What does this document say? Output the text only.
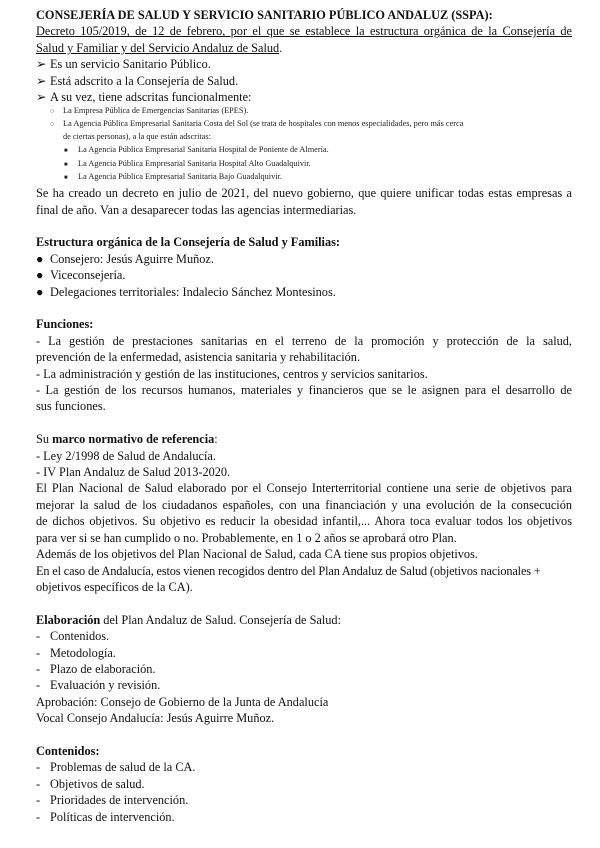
CONSEJERÍA DE SALUD Y SERVICIO SANITARIO PÚBLICO ANDALUZ (SSPA):
Decreto 105/2019, de 12 de febrero, por el que se establece la estructura orgánica de la Consejería de
Salud y Familiar y del Servicio Andaluz de Salud.
➢ Es un servicio Sanitario Público.
➢ Está adscrito a la Consejería de Salud.
➢ A su vez, tiene adscritas funcionalmente:
○ La Empresa Pública de Emergencias Sanitarias (EPES).
○ La Agencia Pública Empresarial Sanitaria Costa del Sol (se trata de hospitales con menos especialidades, pero más cerca
de ciertas personas), a la que están adscritas:
■ La Agencia Pública Empresarial Sanitaria Hospital de Poniente de Almería.
■ La Agencia Pública Empresarial Sanitaria Hospital Alto Guadalquivir.
■ La Agencia Pública Empresarial Sanitaria Bajo Guadalquivir.
Se ha creado un decreto en julio de 2021, del nuevo gobierno, que quiere unificar todas estas empresas a
final de año. Van a desaparecer todas las agencias intermediarias.
Estructura orgánica de la Consejería de Salud y Familias:
● Consejero: Jesús Aguirre Muñoz.
● Viceconsejería.
● Delegaciones territoriales: Indalecio Sánchez Montesinos.
Funciones:
- La gestión de prestaciones sanitarias en el terreno de la promoción y protección de la salud,
prevención de la enfermedad, asistencia sanitaria y rehabilitación.
- La administración y gestión de las instituciones, centros y servicios sanitarios.
- La gestión de los recursos humanos, materiales y financieros que se le asignen para el desarrollo de
sus funciones.
Su marco normativo de referencia:
- Ley 2/1998 de Salud de Andalucía.
- IV Plan Andaluz de Salud 2013-2020.
El Plan Nacional de Salud elaborado por el Consejo Interterritorial contiene una serie de objetivos para
mejorar la salud de los ciudadanos españoles, con una financiación y una evolución de la consecución
de dichos objetivos. Su objetivo es reducir la obesidad infantil,... Ahora toca evaluar todos los objetivos
para ver si se han cumplido o no. Probablemente, en 1 o 2 años se aprobará otro Plan.
Además de los objetivos del Plan Nacional de Salud, cada CA tiene sus propios objetivos.
En el caso de Andalucía, estos vienen recogidos dentro del Plan Andaluz de Salud (objetivos nacionales +
objetivos específicos de la CA).
Elaboración del Plan Andaluz de Salud. Consejería de Salud:
- Contenidos.
- Metodología.
- Plazo de elaboración.
- Evaluación y revisión.
Aprobación: Consejo de Gobierno de la Junta de Andalucía
Vocal Consejo Andalucía: Jesús Aguirre Muñoz.
Contenidos:
- Problemas de salud de la CA.
- Objetivos de salud.
- Prioridades de intervención.
- Políticas de intervención.
